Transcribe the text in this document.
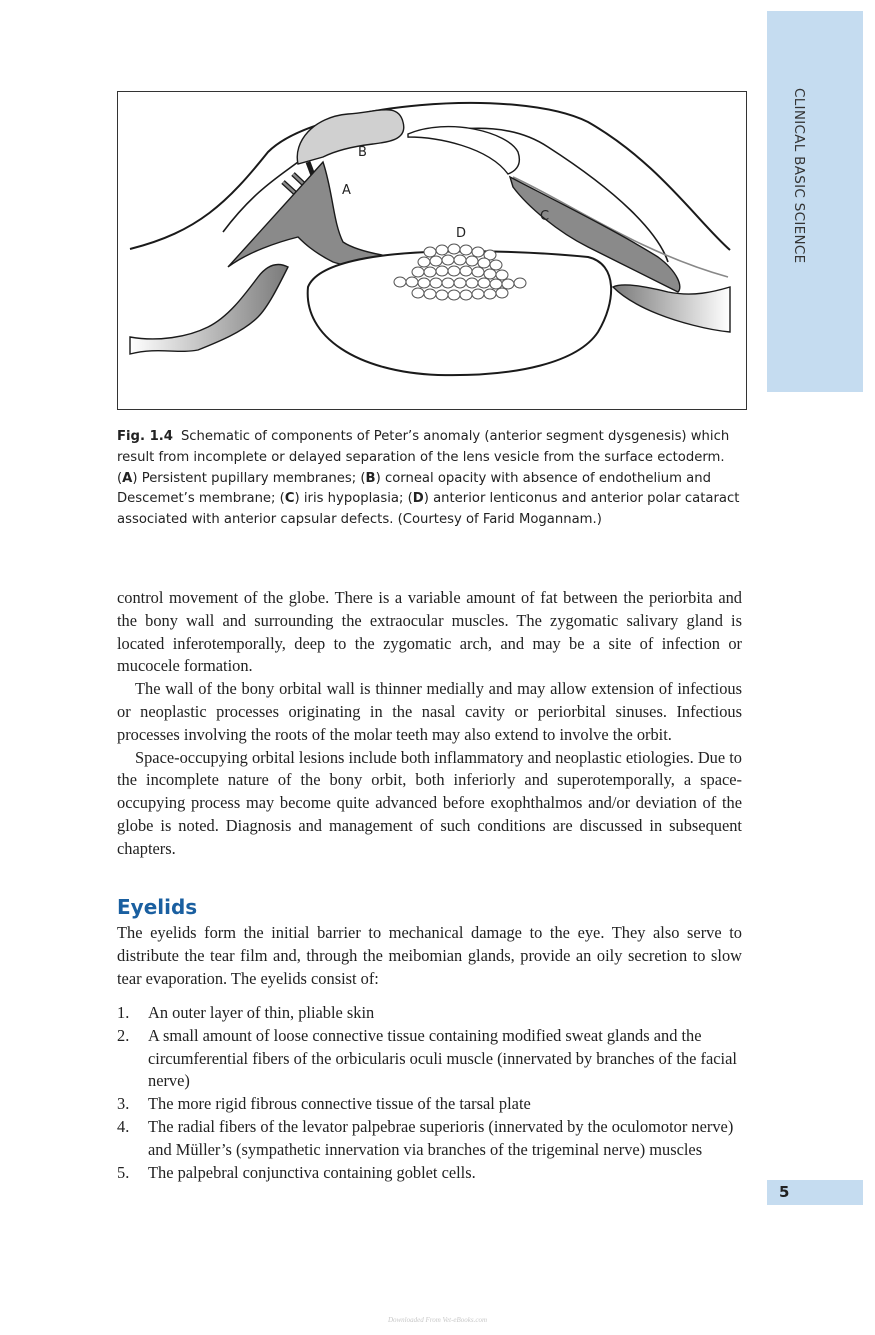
CLINICAL BASIC SCIENCE
B
A
C
D
Fig. 1.4 Schematic of components of Peter’s anomaly (anterior segment dysgenesis) which result from incomplete or delayed separation of the lens vesicle from the surface ectoderm. (A) Persistent pupillary membranes; (B) corneal opacity with absence of endothelium and Descemet’s membrane; (C) iris hypoplasia; (D) anterior lenticonus and anterior polar cataract associated with anterior capsular defects. (Courtesy of Farid Mogannam.)

control movement of the globe. There is a variable amount of fat between the periorbita and the bony wall and surrounding the extraocular muscles. The zygomatic salivary gland is located inferotemporally, deep to the zygomatic arch, and may be a site of infection or mucocele formation.

The wall of the bony orbital wall is thinner medially and may allow extension of infectious or neoplastic processes originating in the nasal cavity or periorbital sinuses. Infectious processes involving the roots of the molar teeth may also extend to involve the orbit.

Space-occupying orbital lesions include both inflammatory and neoplastic etiologies. Due to the incomplete nature of the bony orbit, both inferiorly and superotemporally, a space-occupying process may become quite advanced before exophthalmos and/or deviation of the globe is noted. Diagnosis and management of such conditions are discussed in subsequent chapters.

Eyelids

The eyelids form the initial barrier to mechanical damage to the eye. They also serve to distribute the tear film and, through the meibomian glands, provide an oily secretion to slow tear evaporation. The eyelids consist of:

1. An outer layer of thin, pliable skin
2. A small amount of loose connective tissue containing modified sweat glands and the circumferential fibers of the orbicularis oculi muscle (innervated by branches of the facial nerve)
3. The more rigid fibrous connective tissue of the tarsal plate
4. The radial fibers of the levator palpebrae superioris (innervated by the oculomotor nerve) and Müller’s (sympathetic innervation via branches of the trigeminal nerve) muscles
5. The palpebral conjunctiva containing goblet cells.
5
Downloaded From Vet-eBooks.com
